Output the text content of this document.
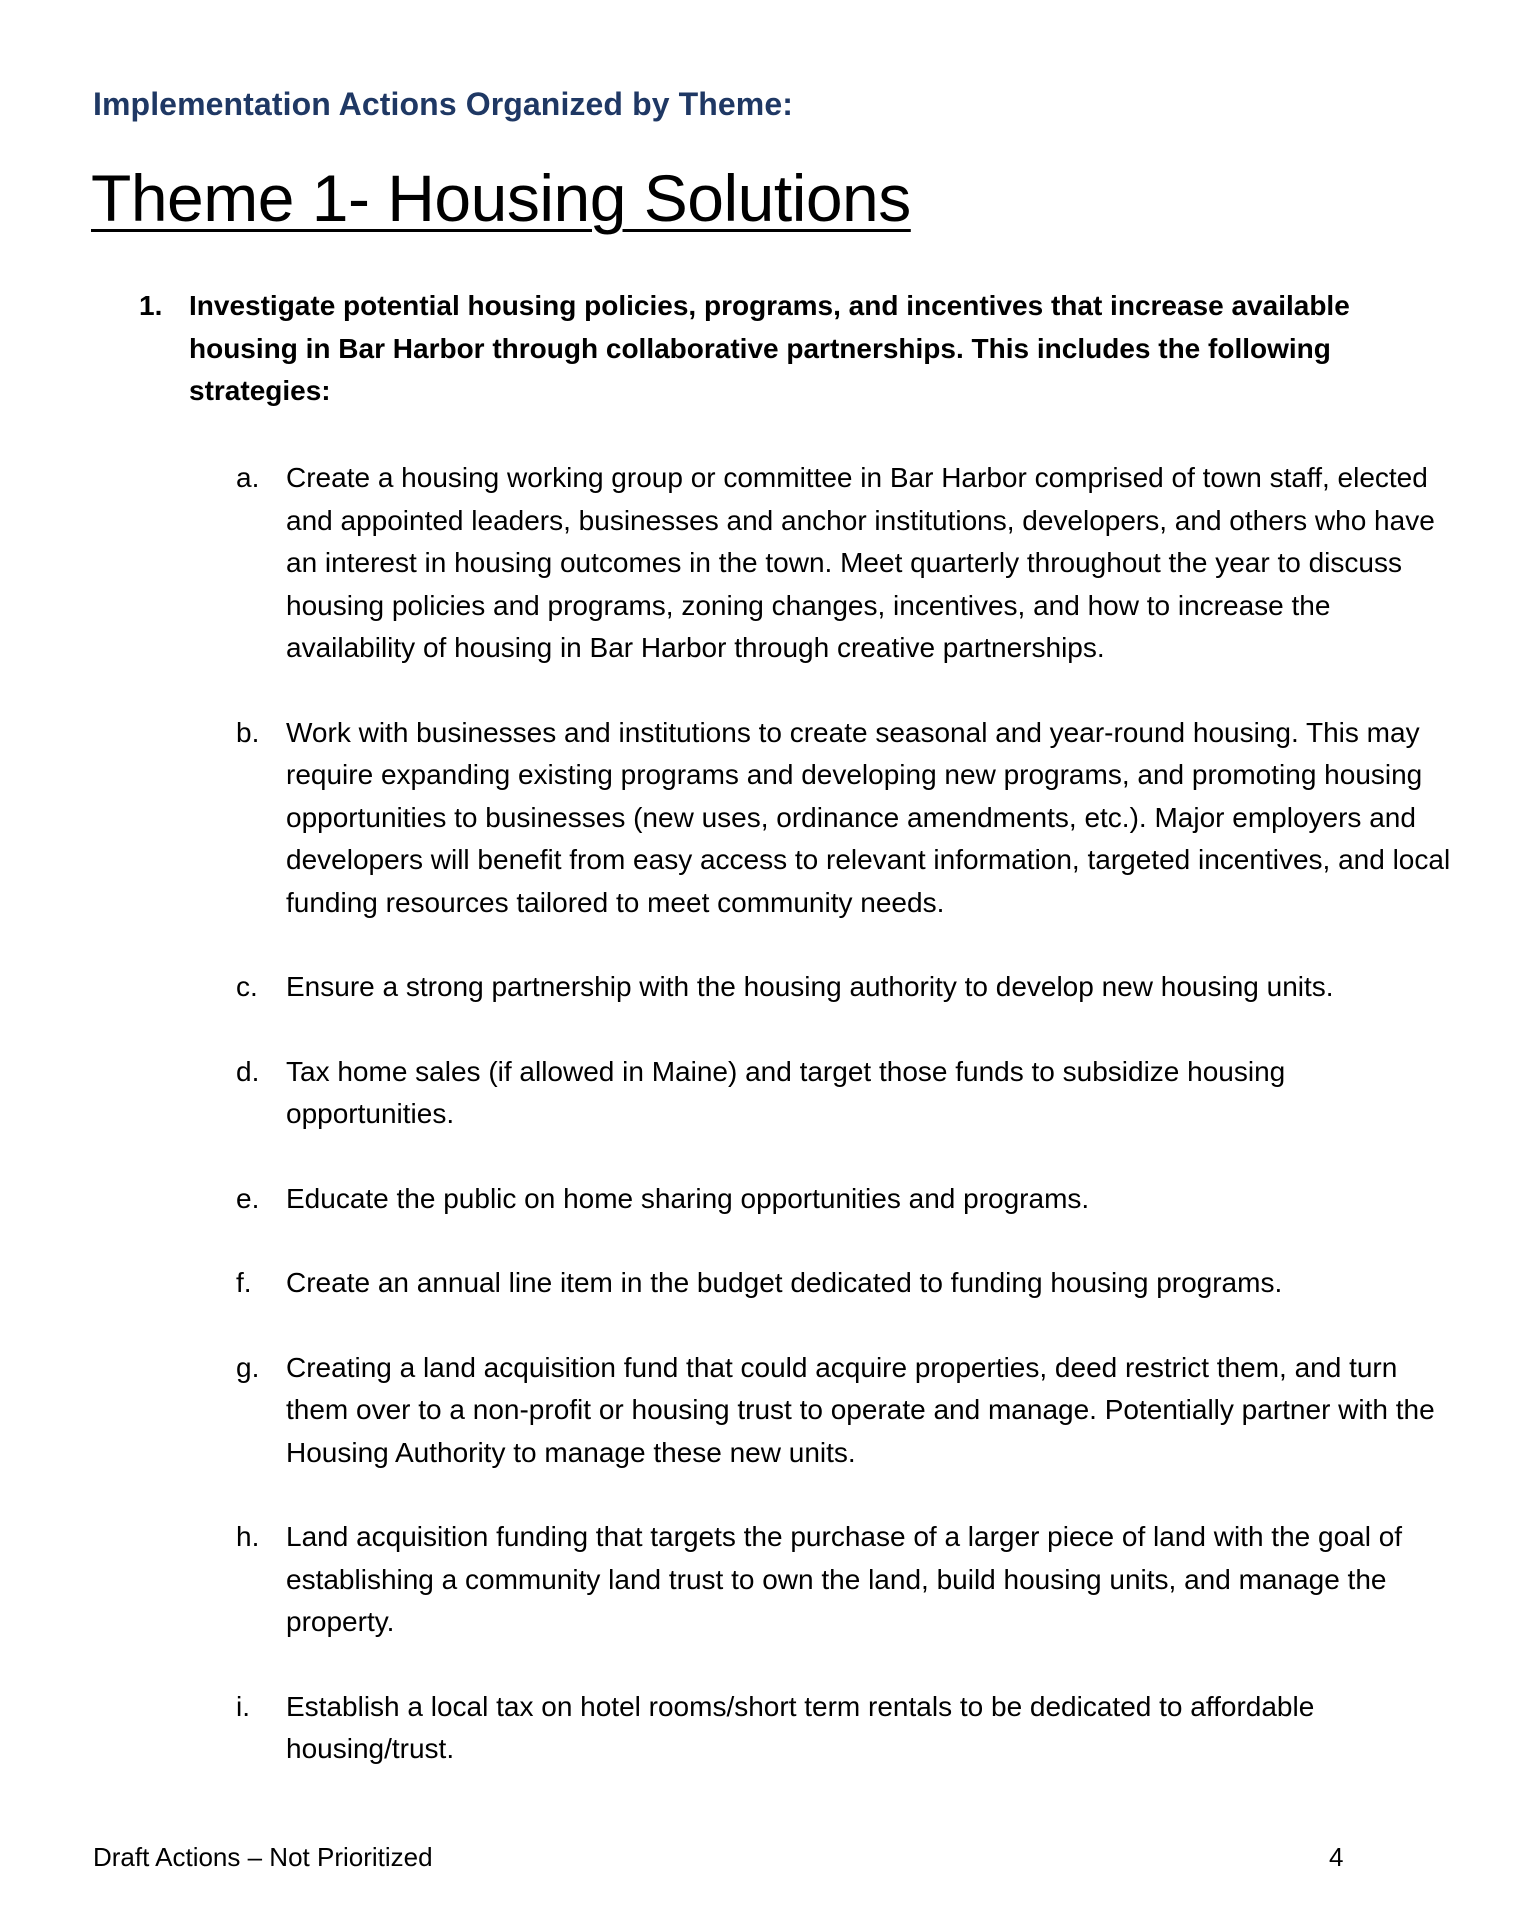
Implementation Actions Organized by Theme:
Theme 1- Housing Solutions
1. Investigate potential housing policies, programs, and incentives that increase available housing in Bar Harbor through collaborative partnerships. This includes the following strategies:

a. Create a housing working group or committee in Bar Harbor comprised of town staff, elected and appointed leaders, businesses and anchor institutions, developers, and others who have an interest in housing outcomes in the town. Meet quarterly throughout the year to discuss housing policies and programs, zoning changes, incentives, and how to increase the availability of housing in Bar Harbor through creative partnerships.

b. Work with businesses and institutions to create seasonal and year-round housing. This may require expanding existing programs and developing new programs, and promoting housing opportunities to businesses (new uses, ordinance amendments, etc.). Major employers and developers will benefit from easy access to relevant information, targeted incentives, and local funding resources tailored to meet community needs.

c.	Ensure a strong partnership with the housing authority to develop new housing units.

d. Tax home sales (if allowed in Maine) and target those funds to subsidize housing opportunities.

e. Educate the public on home sharing opportunities and programs.

f.	Create an annual line item in the budget dedicated to funding housing programs.

g. Creating a land acquisition fund that could acquire properties, deed restrict them, and turn them over to a non-profit or housing trust to operate and manage. Potentially partner with the Housing Authority to manage these new units.

h. Land acquisition funding that targets the purchase of a larger piece of land with the goal of establishing a community land trust to own the land, build housing units, and manage the property.

i.	Establish a local tax on hotel rooms/short term rentals to be dedicated to affordable housing/trust.

Draft Actions – Not Prioritized	4
